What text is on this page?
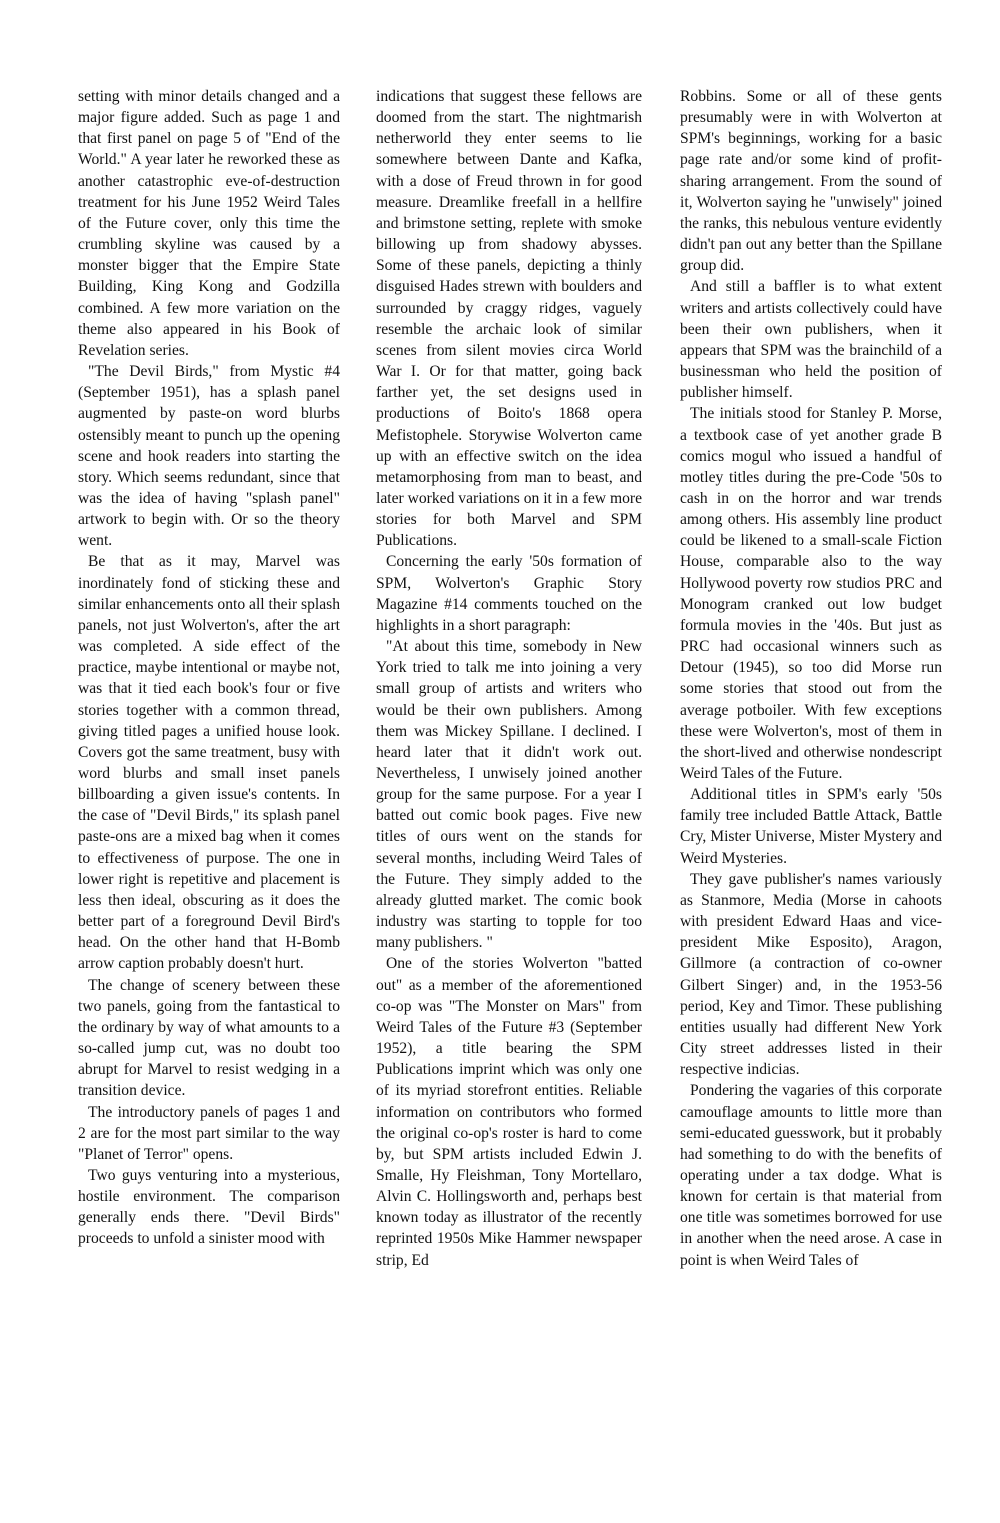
setting with minor details changed and a major figure added. Such as page 1 and that first panel on page 5 of "End of the World." A year later he reworked these as another catastrophic eve-of-destruction treatment for his June 1952 Weird Tales of the Future cover, only this time the crumbling skyline was caused by a monster bigger that the Empire State Building, King Kong and Godzilla combined. A few more variation on the theme also appeared in his Book of Revelation series.

"The Devil Birds," from Mystic #4 (September 1951), has a splash panel augmented by paste-on word blurbs ostensibly meant to punch up the opening scene and hook readers into starting the story. Which seems redundant, since that was the idea of having "splash panel" artwork to begin with. Or so the theory went.

Be that as it may, Marvel was inordinately fond of sticking these and similar enhancements onto all their splash panels, not just Wolverton's, after the art was completed. A side effect of the practice, maybe intentional or maybe not, was that it tied each book's four or five stories together with a common thread, giving titled pages a unified house look. Covers got the same treatment, busy with word blurbs and small inset panels billboarding a given issue's contents. In the case of "Devil Birds," its splash panel paste-ons are a mixed bag when it comes to effectiveness of purpose. The one in lower right is repetitive and placement is less then ideal, obscuring as it does the better part of a foreground Devil Bird's head. On the other hand that H-Bomb arrow caption probably doesn't hurt.

The change of scenery between these two panels, going from the fantastical to the ordinary by way of what amounts to a so-called jump cut, was no doubt too abrupt for Marvel to resist wedging in a transition device.

The introductory panels of pages 1 and 2 are for the most part similar to the way "Planet of Terror" opens.

Two guys venturing into a mysterious, hostile environment. The comparison generally ends there. "Devil Birds" proceeds to unfold a sinister mood with

indications that suggest these fellows are doomed from the start. The nightmarish netherworld they enter seems to lie somewhere between Dante and Kafka, with a dose of Freud thrown in for good measure. Dreamlike freefall in a hellfire and brimstone setting, replete with smoke billowing up from shadowy abysses. Some of these panels, depicting a thinly disguised Hades strewn with boulders and surrounded by craggy ridges, vaguely resemble the archaic look of similar scenes from silent movies circa World War I. Or for that matter, going back farther yet, the set designs used in productions of Boito's 1868 opera Mefistophele. Storywise Wolverton came up with an effective switch on the idea metamorphosing from man to beast, and later worked variations on it in a few more stories for both Marvel and SPM Publications.

Concerning the early '50s formation of SPM, Wolverton's Graphic Story Magazine #14 comments touched on the highlights in a short paragraph:

"At about this time, somebody in New York tried to talk me into joining a very small group of artists and writers who would be their own publishers. Among them was Mickey Spillane. I declined. I heard later that it didn't work out. Nevertheless, I unwisely joined another group for the same purpose. For a year I batted out comic book pages. Five new titles of ours went on the stands for several months, including Weird Tales of the Future. They simply added to the already glutted market. The comic book industry was starting to topple for too many publishers. "

One of the stories Wolverton "batted out" as a member of the aforementioned co-op was "The Monster on Mars" from Weird Tales of the Future #3 (September 1952), a title bearing the SPM Publications imprint which was only one of its myriad storefront entities. Reliable information on contributors who formed the original co-op's roster is hard to come by, but SPM artists included Edwin J. Smalle, Hy Fleishman, Tony Mortellaro, Alvin C. Hollingsworth and, perhaps best known today as illustrator of the recently reprinted 1950s Mike Hammer newspaper strip, Ed

Robbins. Some or all of these gents presumably were in with Wolverton at SPM's beginnings, working for a basic page rate and/or some kind of profit-sharing arrangement. From the sound of it, Wolverton saying he "unwisely" joined the ranks, this nebulous venture evidently didn't pan out any better than the Spillane group did.

And still a baffler is to what extent writers and artists collectively could have been their own publishers, when it appears that SPM was the brainchild of a businessman who held the position of publisher himself.

The initials stood for Stanley P. Morse, a textbook case of yet another grade B comics mogul who issued a handful of motley titles during the pre-Code '50s to cash in on the horror and war trends among others. His assembly line product could be likened to a small-scale Fiction House, comparable also to the way Hollywood poverty row studios PRC and Monogram cranked out low budget formula movies in the '40s. But just as PRC had occasional winners such as Detour (1945), so too did Morse run some stories that stood out from the average potboiler. With few exceptions these were Wolverton's, most of them in the short-lived and otherwise nondescript Weird Tales of the Future.

Additional titles in SPM's early '50s family tree included Battle Attack, Battle Cry, Mister Universe, Mister Mystery and Weird Mysteries.

They gave publisher's names variously as Stanmore, Media (Morse in cahoots with president Edward Haas and vice-president Mike Esposito), Aragon, Gillmore (a contraction of co-owner Gilbert Singer) and, in the 1953-56 period, Key and Timor. These publishing entities usually had different New York City street addresses listed in their respective indicias.

Pondering the vagaries of this corporate camouflage amounts to little more than semi-educated guesswork, but it probably had something to do with the benefits of operating under a tax dodge. What is known for certain is that material from one title was sometimes borrowed for use in another when the need arose. A case in point is when Weird Tales of
